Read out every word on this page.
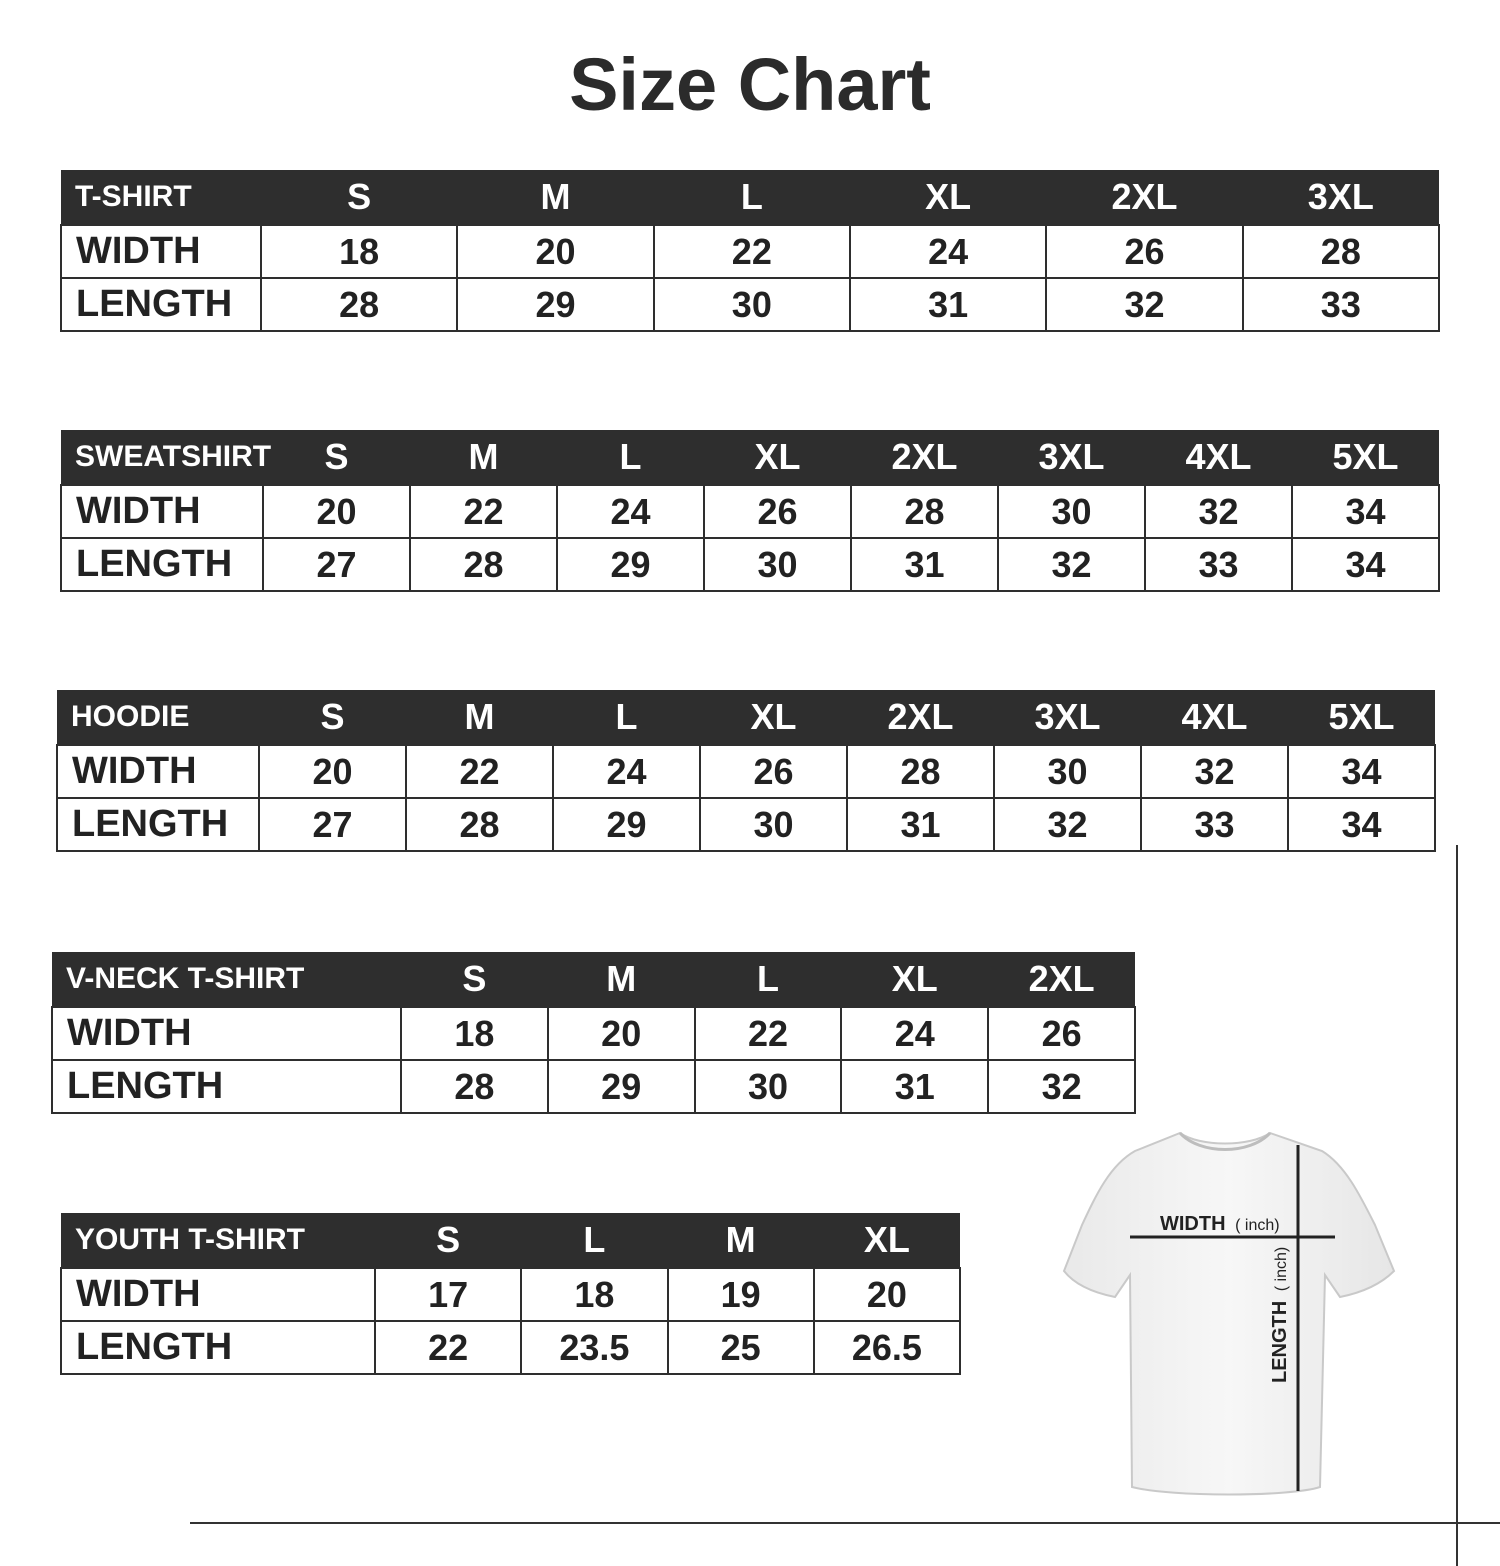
Size Chart
T-SHIRT	S	M	L	XL	2XL	3XL
WIDTH	18	20	22	24	26	28
LENGTH	28	29	30	31	32	33
SWEATSHIRT	S	M	L	XL	2XL	3XL	4XL	5XL
WIDTH	20	22	24	26	28	30	32	34
LENGTH	27	28	29	30	31	32	33	34
HOODIE	S	M	L	XL	2XL	3XL	4XL	5XL
WIDTH	20	22	24	26	28	30	32	34
LENGTH	27	28	29	30	31	32	33	34
V-NECK T-SHIRT	S	M	L	XL	2XL
WIDTH	18	20	22	24	26
LENGTH	28	29	30	31	32
YOUTH T-SHIRT	S	L	M	XL
WIDTH	17	18	19	20
LENGTH	22	23.5	25	26.5
WIDTH ( inch)
LENGTH ( inch)
